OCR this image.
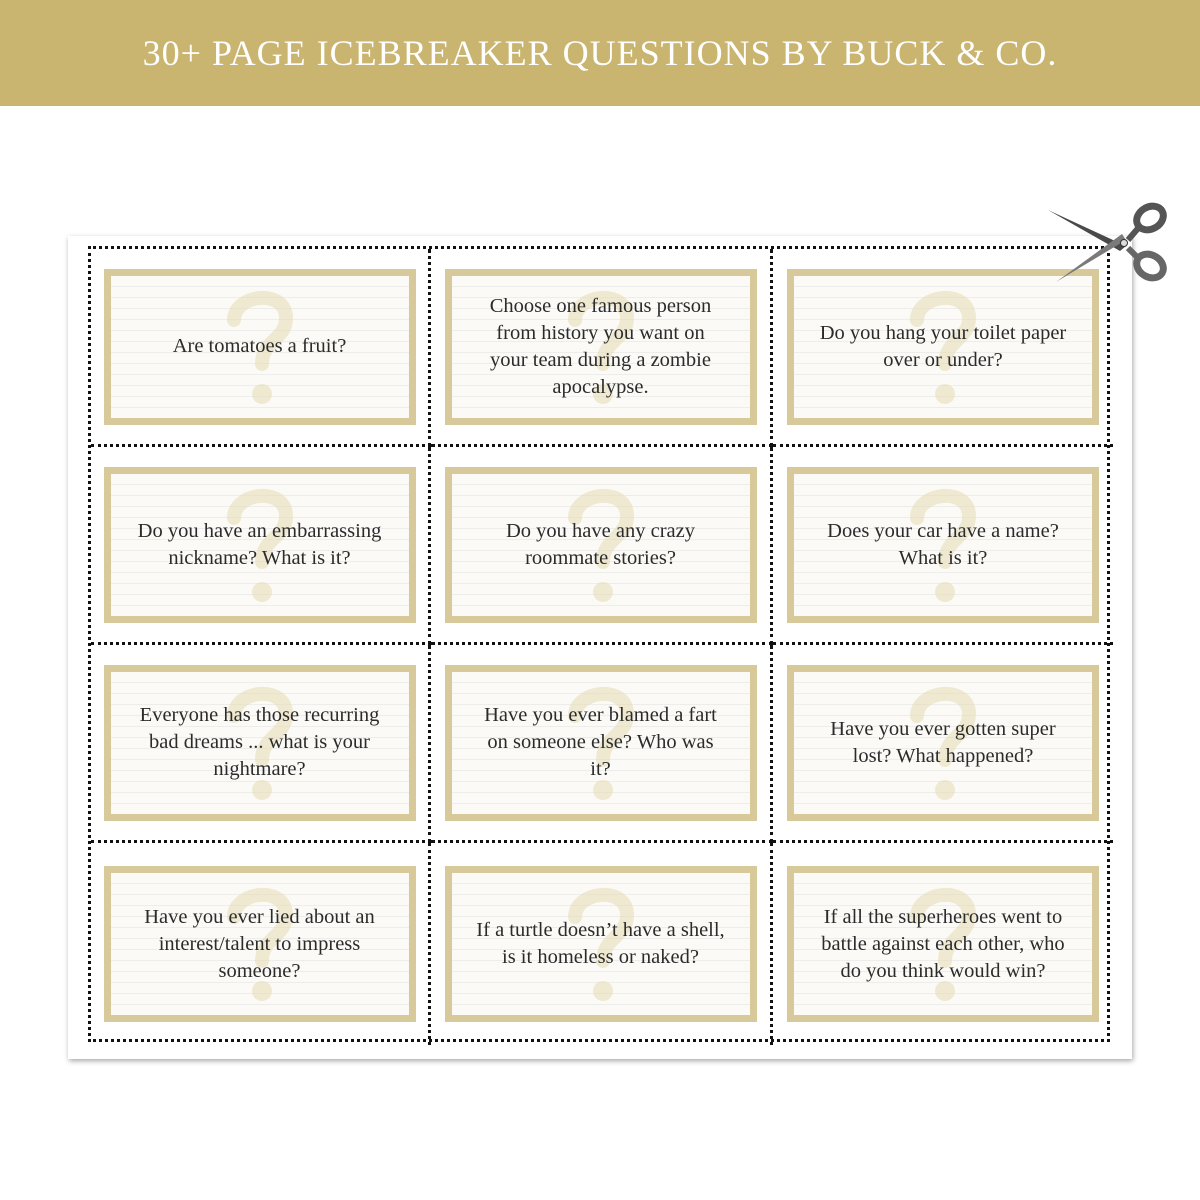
30+ PAGE ICEBREAKER QUESTIONS BY BUCK & CO.
Are tomatoes a fruit?
Choose one famous person from history you want on your team during a zombie apocalypse.
Do you hang your toilet paper over or under?
Do you have an embarrassing nickname? What is it?
Do you have any crazy roommate stories?
Does your car have a name? What is it?
Everyone has those recurring bad dreams ... what is your nightmare?
Have you ever blamed a fart on someone else? Who was it?
Have you ever gotten super lost? What happened?
Have you ever lied about an interest/talent to impress someone?
If a turtle doesn’t have a shell, is it homeless or naked?
If all the superheroes went to battle against each other, who do you think would win?
